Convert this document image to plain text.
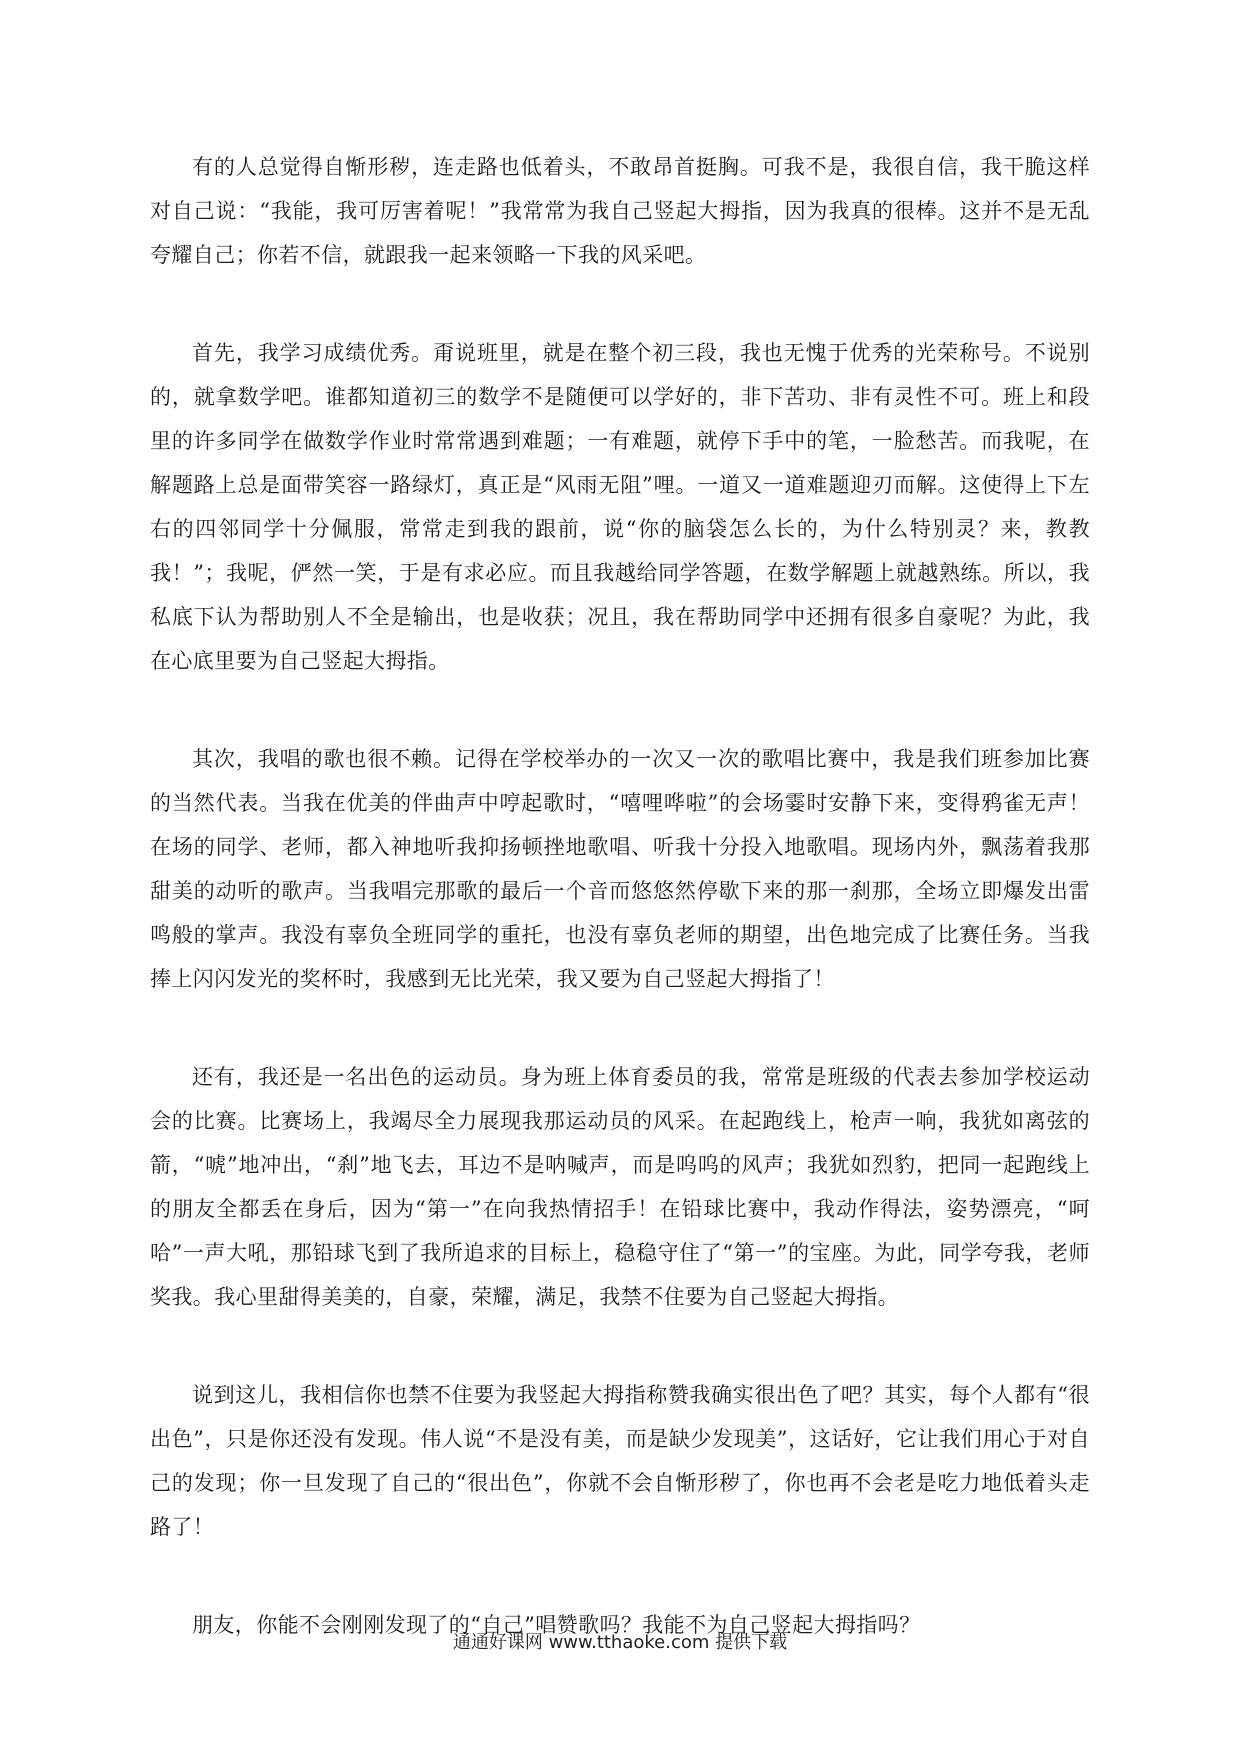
有的人总觉得自惭形秽，连走路也低着头，不敢昂首挺胸。可我不是，我很自信，我干脆这样对自己说：“我能，我可厉害着呢！”我常常为我自己竖起大拇指，因为我真的很棒。这并不是无乱夸耀自己；你若不信，就跟我一起来领略一下我的风采吧。

首先，我学习成绩优秀。甭说班里，就是在整个初三段，我也无愧于优秀的光荣称号。不说别的，就拿数学吧。谁都知道初三的数学不是随便可以学好的，非下苦功、非有灵性不可。班上和段里的许多同学在做数学作业时常常遇到难题；一有难题，就停下手中的笔，一脸愁苦。而我呢，在解题路上总是面带笑容一路绿灯，真正是“风雨无阻”哩。一道又一道难题迎刃而解。这使得上下左右的四邻同学十分佩服，常常走到我的跟前，说“你的脑袋怎么长的，为什么特别灵？来，教教我！”；我呢，俨然一笑，于是有求必应。而且我越给同学答题，在数学解题上就越熟练。所以，我私底下认为帮助别人不全是输出，也是收获；况且，我在帮助同学中还拥有很多自豪呢？为此，我在心底里要为自己竖起大拇指。

其次，我唱的歌也很不赖。记得在学校举办的一次又一次的歌唱比赛中，我是我们班参加比赛的当然代表。当我在优美的伴曲声中哼起歌时，“嘻哩哗啦”的会场霎时安静下来，变得鸦雀无声！在场的同学、老师，都入神地听我抑扬顿挫地歌唱、听我十分投入地歌唱。现场内外，飘荡着我那甜美的动听的歌声。当我唱完那歌的最后一个音而悠悠然停歇下来的那一刹那，全场立即爆发出雷鸣般的掌声。我没有辜负全班同学的重托，也没有辜负老师的期望，出色地完成了比赛任务。当我捧上闪闪发光的奖杯时，我感到无比光荣，我又要为自己竖起大拇指了！

还有，我还是一名出色的运动员。身为班上体育委员的我，常常是班级的代表去参加学校运动会的比赛。比赛场上，我竭尽全力展现我那运动员的风采。在起跑线上，枪声一响，我犹如离弦的箭，“唬”地冲出，“刹”地飞去，耳边不是呐喊声，而是呜呜的风声；我犹如烈豹，把同一起跑线上的朋友全都丢在身后，因为“第一”在向我热情招手！在铅球比赛中，我动作得法，姿势漂亮，“呵哈”一声大吼，那铅球飞到了我所追求的目标上，稳稳守住了“第一”的宝座。为此，同学夸我，老师奖我。我心里甜得美美的，自豪，荣耀，满足，我禁不住要为自己竖起大拇指。

说到这儿，我相信你也禁不住要为我竖起大拇指称赞我确实很出色了吧？其实，每个人都有“很出色”，只是你还没有发现。伟人说“不是没有美，而是缺少发现美”，这话好，它让我们用心于对自己的发现；你一旦发现了自己的“很出色”，你就不会自惭形秽了，你也再不会老是吃力地低着头走路了！

朋友，你能不会刚刚发现了的“自己”唱赞歌吗？我能不为自己竖起大拇指吗？

通通好课网 www.tthaoke.com 提供下载
